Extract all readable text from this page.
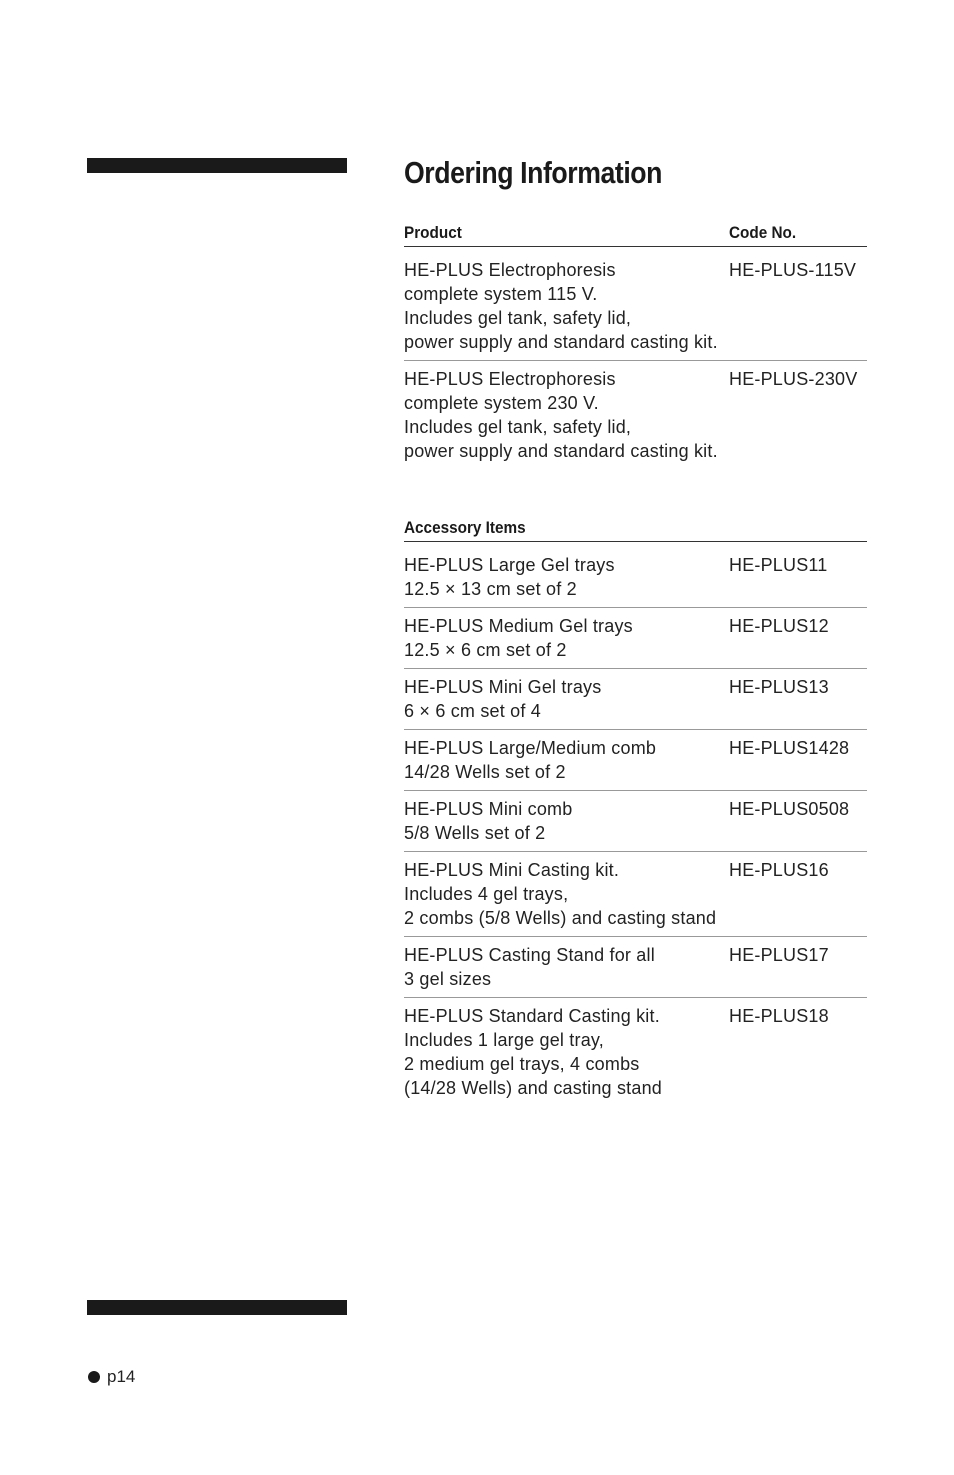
Ordering Information
Product	Code No.
HE-PLUS Electrophoresis
complete system 115 V.
Includes gel tank, safety lid,
power supply and standard casting kit.
HE-PLUS-115V
HE-PLUS Electrophoresis
complete system 230 V.
Includes gel tank, safety lid,
power supply and standard casting kit.
HE-PLUS-230V
Accessory Items
HE-PLUS Large Gel trays
12.5 × 13 cm set of 2
HE-PLUS11
HE-PLUS Medium Gel trays
12.5 × 6 cm set of 2
HE-PLUS12
HE-PLUS Mini Gel trays
6 × 6 cm set of 4
HE-PLUS13
HE-PLUS Large/Medium comb
14/28 Wells set of 2
HE-PLUS1428
HE-PLUS Mini comb
5/8 Wells set of 2
HE-PLUS0508
HE-PLUS Mini Casting kit.
Includes 4 gel trays,
2 combs (5/8 Wells) and casting stand
HE-PLUS16
HE-PLUS Casting Stand for all
3 gel sizes
HE-PLUS17
HE-PLUS Standard Casting kit.
Includes 1 large gel tray,
2 medium gel trays, 4 combs
(14/28 Wells) and casting stand
HE-PLUS18
p14
